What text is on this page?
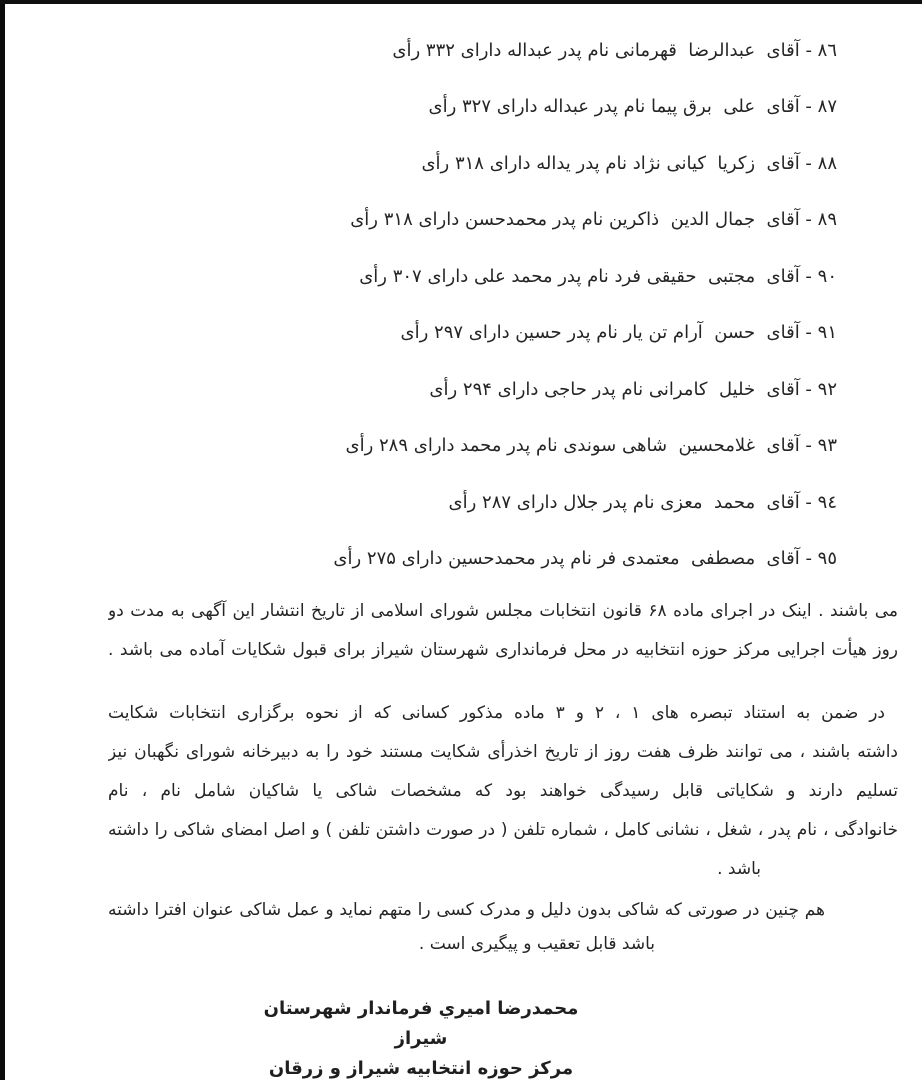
٨٦ - آقای  عبدالرضا  قهرمانی نام پدر عبداله دارای ۳۳۲ رأی
٨٧ - آقای  علی  برق پیما نام پدر عبداله دارای ۳۲۷ رأی
٨٨ - آقای  زکریا  کیانی نژاد نام پدر یداله دارای ۳۱۸ رأی
٨٩ - آقای  جمال الدین  ذاکرین نام پدر محمدحسن دارای ۳۱۸ رأی
٩٠ - آقای  مجتبی  حقیقی فرد نام پدر محمد علی دارای ۳۰۷ رأی
٩١ - آقای  حسن  آرام تن یار نام پدر حسین دارای ۲۹۷ رأی
٩٢ - آقای  خلیل  کامرانی نام پدر حاجی دارای ۲۹۴ رأی
٩٣ - آقای  غلامحسین  شاهی سوندی نام پدر محمد دارای ۲۸۹ رأی
٩٤ - آقای  محمد  معزی نام پدر جلال دارای ۲۸۷ رأی
٩٥ - آقای  مصطفی  معتمدی فر نام پدر محمدحسین دارای ۲۷۵ رأی
می باشند . اینک در اجرای ماده ۶۸ قانون انتخابات مجلس شورای اسلامی از تاریخ انتشار این آگهی به مدت دو
روز هیأت اجرایی مرکز حوزه انتخابیه در محل فرمانداری شهرستان شیراز برای قبول شکایات آماده می باشد .
در ضمن به استناد تبصره های ۱ ، ۲ و ۳ ماده مذکور کسانی که از نحوه برگزاری انتخابات شکایت
داشته باشند ، می توانند ظرف هفت روز از تاریخ اخذرأی شکایت مستند خود را به دبیرخانه شورای نگهبان نیز
تسلیم دارند و شکایاتی قابل رسیدگی خواهند بود که مشخصات شاکی یا شاکیان شامل نام ، نام
خانوادگی ، نام پدر ، شغل ، نشانی کامل ، شماره تلفن ( در صورت داشتن تلفن ) و اصل امضای شاکی را داشته
باشد .
هم چنین در صورتی که شاکی بدون دلیل و مدرک کسی را متهم نماید و عمل شاکی عنوان افترا داشته
باشد قابل تعقیب و پیگیری است .
محمدرضا امیري فرماندار شهرستان شیراز
مرکز حوزه انتخابیه شیراز و زرقان
